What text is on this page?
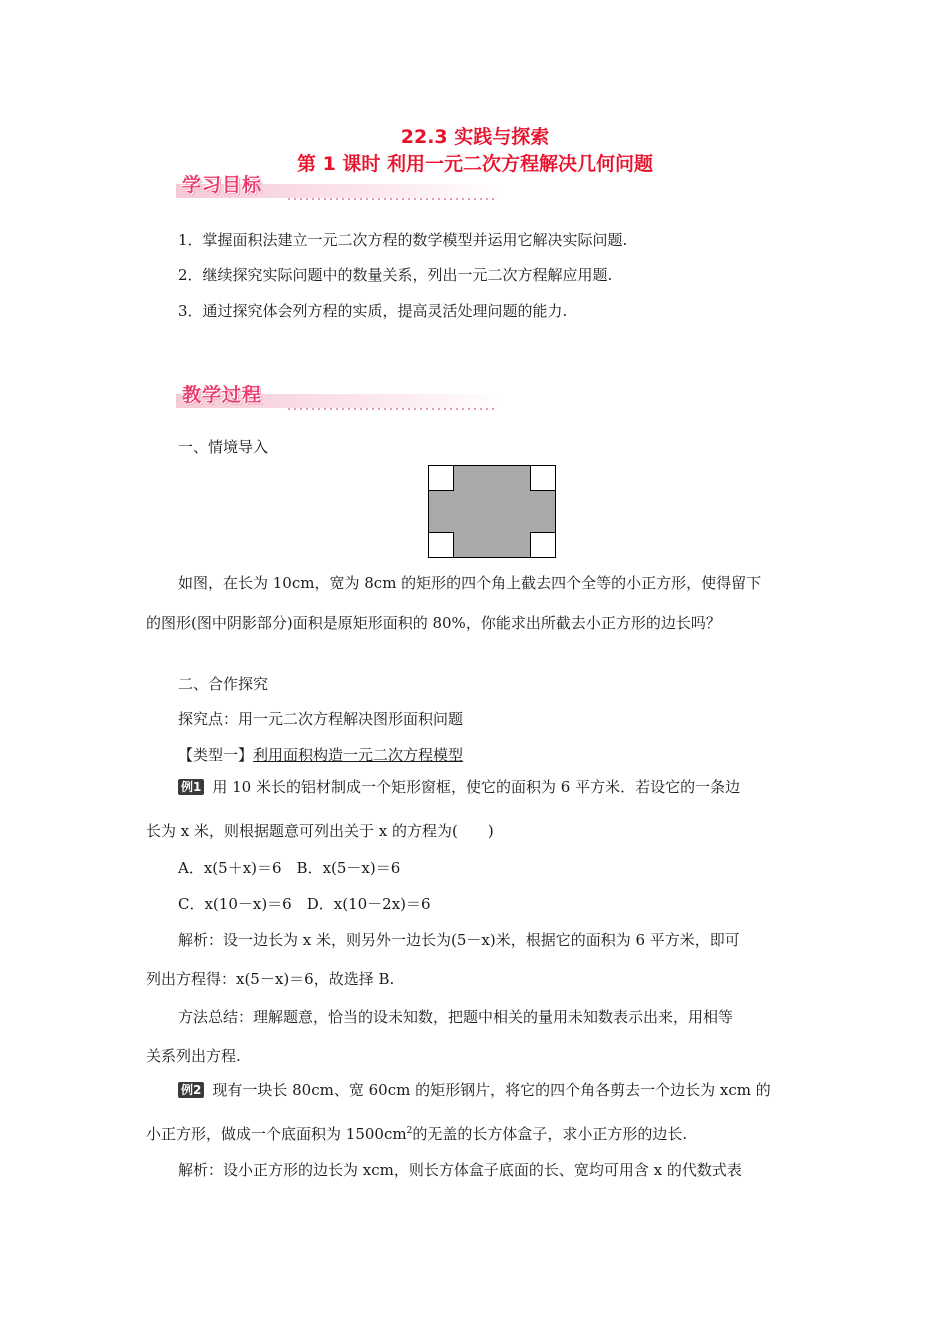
22.3 实践与探索
第 1 课时 利用一元二次方程解决几何问题
学习目标
1．掌握面积法建立一元二次方程的数学模型并运用它解决实际问题.
2．继续探究实际问题中的数量关系，列出一元二次方程解应用题.
3．通过探究体会列方程的实质，提高灵活处理问题的能力.
教学过程
一、情境导入
如图，在长为 10cm，宽为 8cm 的矩形的四个角上截去四个全等的小正方形，使得留下
的图形(图中阴影部分)面积是原矩形面积的 80%，你能求出所截去小正方形的边长吗？
二、合作探究
探究点：用一元二次方程解决图形面积问题
【类型一】利用面积构造一元二次方程模型
例1 用 10 米长的铝材制成一个矩形窗框，使它的面积为 6 平方米．若设它的一条边
长为 x 米，则根据题意可列出关于 x 的方程为(　　)
A．x(5＋x)＝6　B．x(5－x)＝6
C．x(10－x)＝6　D．x(10－2x)＝6
解析：设一边长为 x 米，则另外一边长为(5－x)米，根据它的面积为 6 平方米，即可
列出方程得：x(5－x)＝6，故选择 B.
方法总结：理解题意，恰当的设未知数，把题中相关的量用未知数表示出来，用相等
关系列出方程.
例2 现有一块长 80cm、宽 60cm 的矩形钢片，将它的四个角各剪去一个边长为 xcm 的
小正方形，做成一个底面积为 $1500cm^2$的无盖的长方体盒子，求小正方形的边长.
解析：设小正方形的边长为 xcm，则长方体盒子底面的长、宽均可用含 x 的代数式表
